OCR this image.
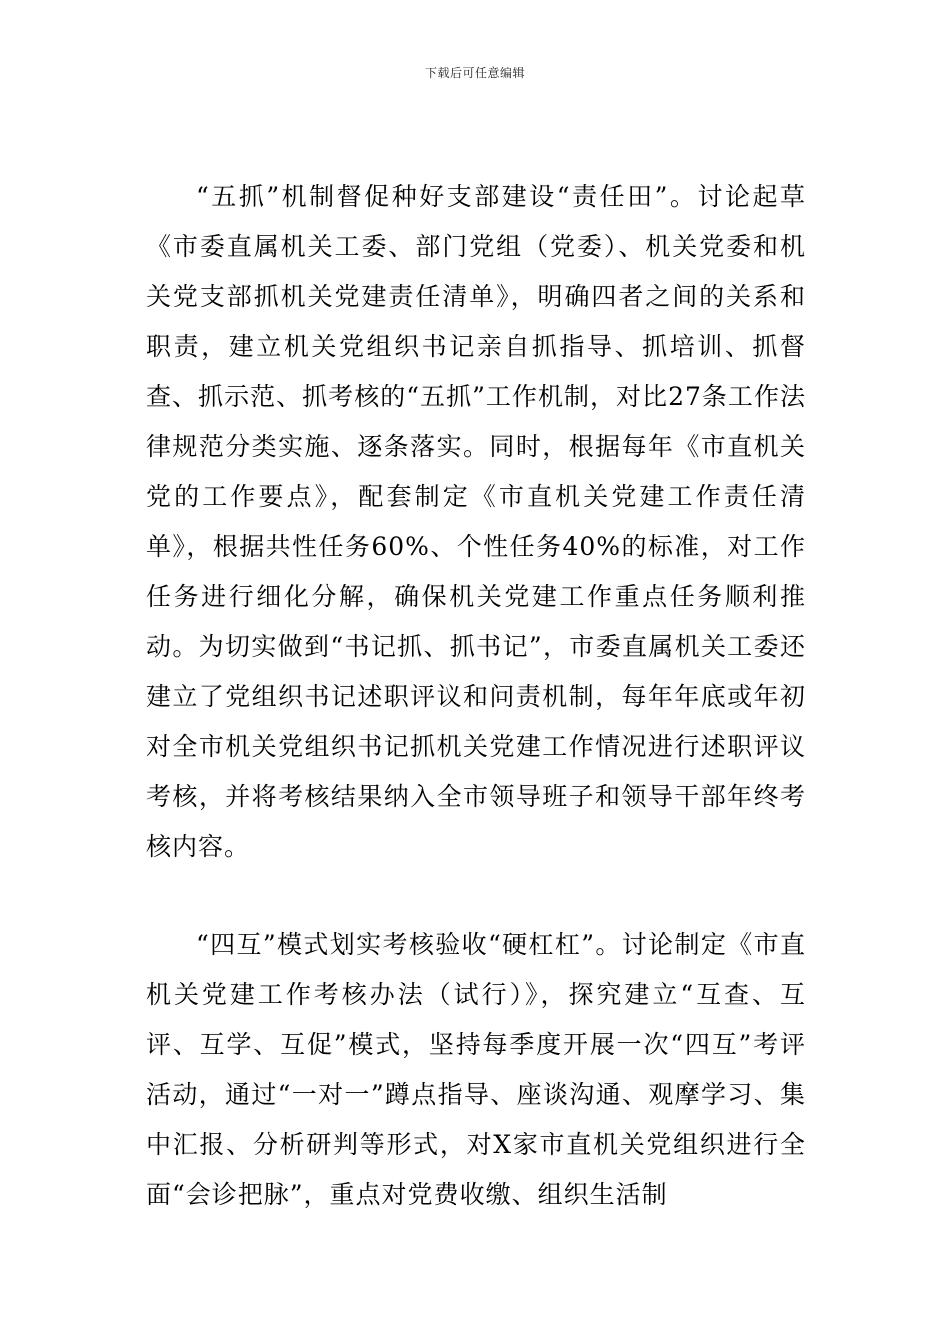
下载后可任意编辑

“五抓”机制督促种好支部建设“责任田”。讨论起草《市委直属机关工委、部门党组（党委）、机关党委和机关党支部抓机关党建责任清单》，明确四者之间的关系和职责，建立机关党组织书记亲自抓指导、抓培训、抓督查、抓示范、抓考核的“五抓”工作机制，对比27条工作法律规范分类实施、逐条落实。同时，根据每年《市直机关党的工作要点》，配套制定《市直机关党建工作责任清单》，根据共性任务60%、个性任务40%的标准，对工作任务进行细化分解，确保机关党建工作重点任务顺利推动。为切实做到“书记抓、抓书记”，市委直属机关工委还建立了党组织书记述职评议和问责机制，每年年底或年初对全市机关党组织书记抓机关党建工作情况进行述职评议考核，并将考核结果纳入全市领导班子和领导干部年终考核内容。

“四互”模式划实考核验收“硬杠杠”。讨论制定《市直机关党建工作考核办法（试行）》，探究建立“互查、互评、互学、互促”模式，坚持每季度开展一次“四互”考评活动，通过“一对一”蹲点指导、座谈沟通、观摩学习、集中汇报、分析研判等形式，对X家市直机关党组织进行全面“会诊把脉”，重点对党费收缴、组织生活制
